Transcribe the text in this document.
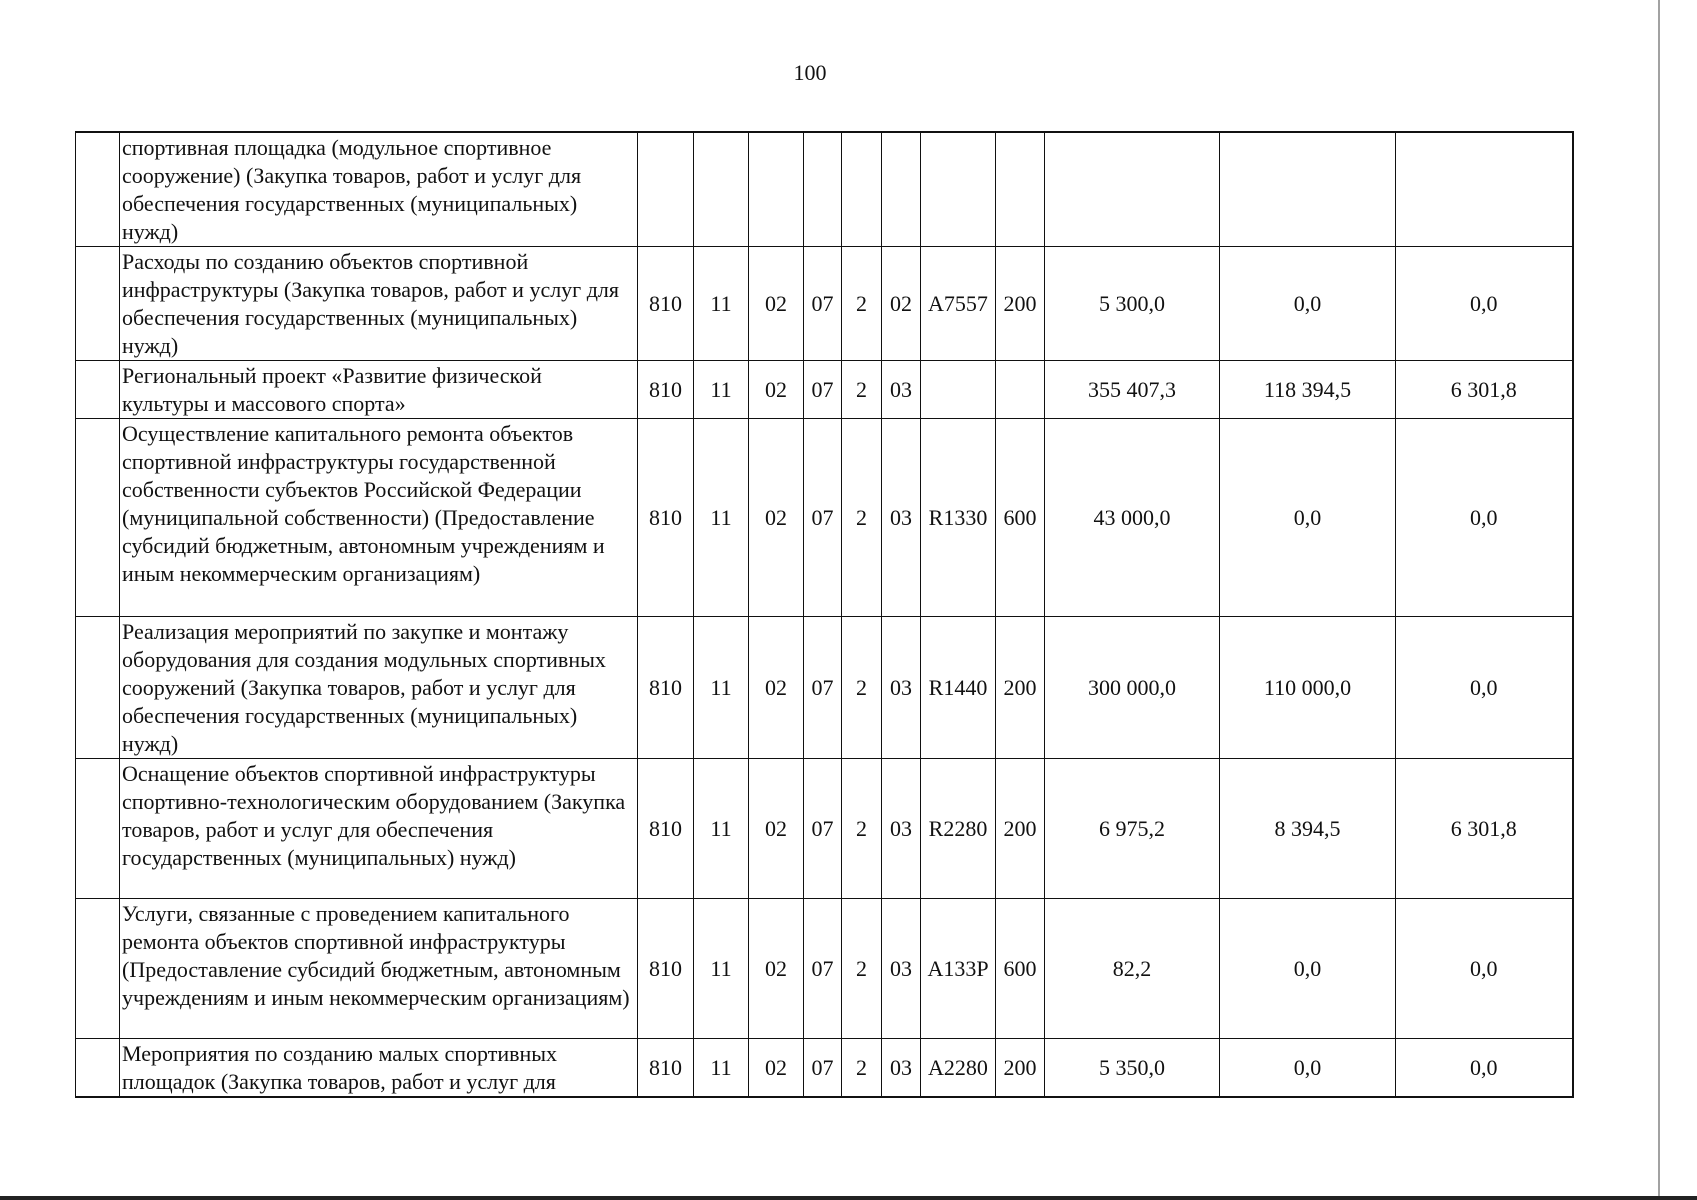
100
	спортивная площадка (модульное спортивное сооружение) (Закупка товаров, работ и услуг для обеспечения государственных (муниципальных) нужд)											
	Расходы по созданию объектов спортивной инфраструктуры (Закупка товаров, работ и услуг для обеспечения государственных (муниципальных) нужд)	810	11	02	07	2	02	A7557	200	5 300,0	0,0	0,0
	Региональный проект «Развитие физической культуры и массового спорта»	810	11	02	07	2	03			355 407,3	118 394,5	6 301,8
	Осуществление капитального ремонта объектов спортивной инфраструктуры государственной собственности субъектов Российской Федерации (муниципальной собственности) (Предоставление субсидий бюджетным, автономным учреждениям и иным некоммерческим организациям)	810	11	02	07	2	03	R1330	600	43 000,0	0,0	0,0
	Реализация мероприятий по закупке и монтажу оборудования для создания модульных спортивных сооружений (Закупка товаров, работ и услуг для обеспечения государственных (муниципальных) нужд)	810	11	02	07	2	03	R1440	200	300 000,0	110 000,0	0,0
	Оснащение объектов спортивной инфраструктуры спортивно-технологическим оборудованием (Закупка товаров, работ и услуг для обеспечения государственных (муниципальных) нужд)	810	11	02	07	2	03	R2280	200	6 975,2	8 394,5	6 301,8
	Услуги, связанные с проведением капитального ремонта объектов спортивной инфраструктуры (Предоставление субсидий бюджетным, автономным учреждениям и иным некоммерческим организациям)	810	11	02	07	2	03	A133P	600	82,2	0,0	0,0
	Мероприятия по созданию малых спортивных площадок (Закупка товаров, работ и услуг для	810	11	02	07	2	03	A2280	200	5 350,0	0,0	0,0
